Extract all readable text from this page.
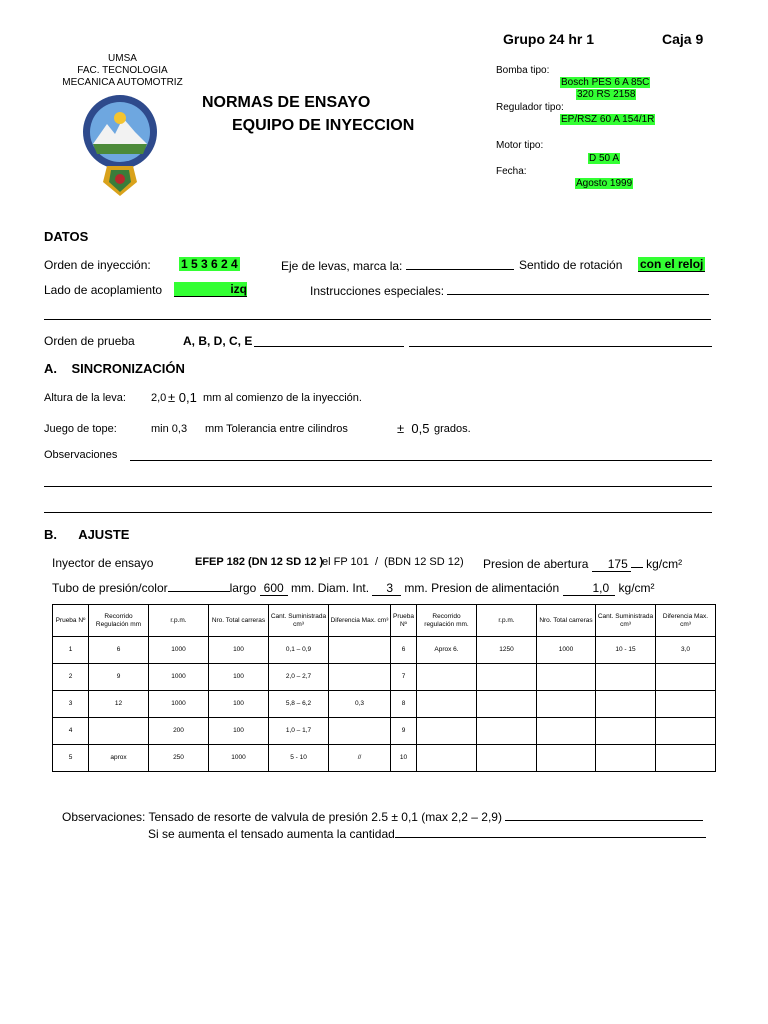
Grupo 24 hr 1	Caja 9
UMSA
FAC. TECNOLOGIA
MECANICA AUTOMOTRIZ
NORMAS DE ENSAYO
EQUIPO DE INYECCION
Bomba tipo:
Bosch PES 6 A 85C
320 RS 2158
Regulador tipo:
EP/RSZ 60 A 154/1R
Motor tipo:
D 50 A
Fecha:
Agosto 1999
DATOS
Orden de inyección:	1 5 3 6 2 4	Eje de levas, marca la:	Sentido de rotación con el reloj
Lado de acoplamiento	izq	Instrucciones especiales:
Orden de prueba	A, B, D, C, E
A.    SINCRONIZACIÓN
Altura de la leva: 2,0 ± 0,1 mm al comienzo de la inyección.
Juego de tope:	min 0,3 mm Tolerancia entre cilindros	±  0,5 grados.
Observaciones
B.      AJUSTE
Inyector de ensayo	EFEP 182 (DN 12 SD 12 )
el FP 101  /  (BDN 12 SD 12) Presion de abertura 175 kg/cm²
Tubo de presión/color	largo 600 mm. Diam. Int. 3 mm. Presion de alimentación	1,0 kg/cm²
Prueba Nº	Recorrido Regulación mm	r.p.m.	Nro. Total carreras	Cant. Suministrada cm³	Diferencia Max. cm³	Prueba Nº	Recorrido regulación mm.	r.p.m.	Nro. Total carreras	Cant. Suministrada cm³	Diferencia Max. cm³
1	6	1000	100	0,1 – 0,9		6	Aprox 6.	1250	1000	10 - 15	3,0
2	9	1000	100	2,0 – 2,7		7					
3	12	1000	100	5,8 – 6,2	0,3	8					
4		200	100	1,0 – 1,7		9					
5	aprox	250	1000	5 - 10	//	10					
Observaciones: Tensado de resorte de valvula de presión 2.5 ± 0,1 (max 2,2 – 2,9)
Si se aumenta el tensado aumenta la cantidad
